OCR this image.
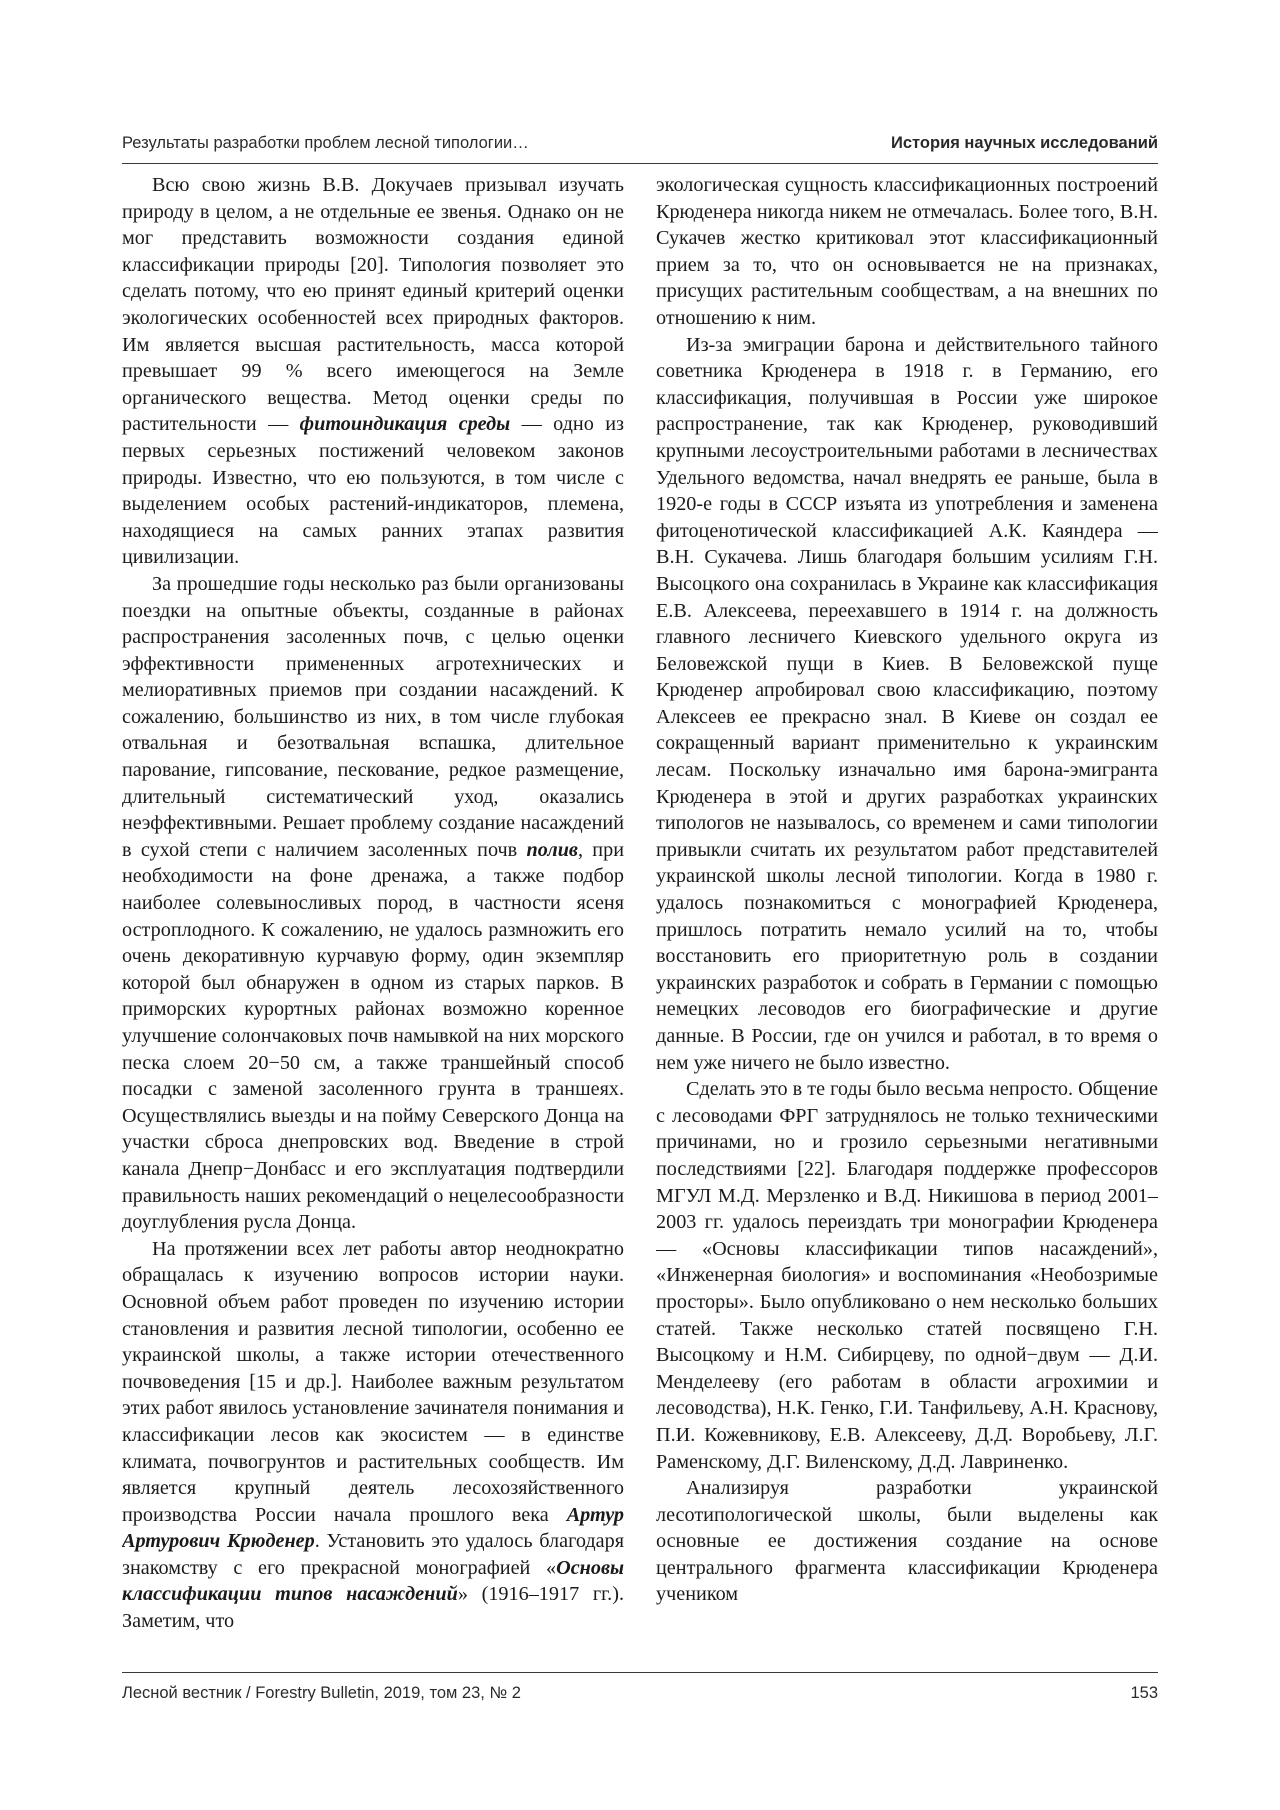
Результаты разработки проблем лесной типологии…	История научных исследований

Всю свою жизнь В.В. Докучаев призывал изучать природу в целом, а не отдельные ее звенья. Однако он не мог представить возможности создания единой классификации природы [20]. Типология позволяет это сделать потому, что ею принят единый критерий оценки экологических особенностей всех природных факторов. Им является высшая растительность, масса которой превышает 99 % всего имеющегося на Земле органического вещества. Метод оценки среды по растительности — фитоиндикация среды — одно из первых серьезных постижений человеком законов природы. Известно, что ею пользуются, в том числе с выделением особых растений-индикаторов, племена, находящиеся на самых ранних этапах развития цивилизации.

За прошедшие годы несколько раз были организованы поездки на опытные объекты, созданные в районах распространения засоленных почв, с целью оценки эффективности примененных агротехнических и мелиоративных приемов при создании насаждений. К сожалению, большинство из них, в том числе глубокая отвальная и безотвальная вспашка, длительное парование, гипсование, пескование, редкое размещение, длительный систематический уход, оказались неэффективными. Решает проблему создание насаждений в сухой степи с наличием засоленных почв полив, при необходимости на фоне дренажа, а также подбор наиболее солевыносливых пород, в частности ясеня остроплодного. К сожалению, не удалось размножить его очень декоративную курчавую форму, один экземпляр которой был обнаружен в одном из старых парков. В приморских курортных районах возможно коренное улучшение солончаковых почв намывкой на них морского песка слоем 20−50 см, а также траншейный способ посадки с заменой засоленного грунта в траншеях. Осуществлялись выезды и на пойму Северского Донца на участки сброса днепровских вод. Введение в строй канала Днепр−Донбасс и его эксплуатация подтвердили правильность наших рекомендаций о нецелесообразности доуглубления русла Донца.

На протяжении всех лет работы автор неоднократно обращалась к изучению вопросов истории науки. Основной объем работ проведен по изучению истории становления и развития лесной типологии, особенно ее украинской школы, а также истории отечественного почвоведения [15 и др.]. Наиболее важным результатом этих работ явилось установление зачинателя понимания и классификации лесов как экосистем — в единстве климата, почвогрунтов и растительных сообществ. Им является крупный деятель лесохозяйственного производства России начала прошлого века Артур Артурович Крюденер. Установить это удалось благодаря знакомству с его прекрасной монографией «Основы классификации типов насаждений» (1916–1917 гг.). Заметим, что

экологическая сущность классификационных построений Крюденера никогда никем не отмечалась. Более того, В.Н. Сукачев жестко критиковал этот классификационный прием за то, что он основывается не на признаках, присущих растительным сообществам, а на внешних по отношению к ним.

Из-за эмиграции барона и действительного тайного советника Крюденера в 1918 г. в Германию, его классификация, получившая в России уже широкое распространение, так как Крюденер, руководивший крупными лесоустроительными работами в лесничествах Удельного ведомства, начал внедрять ее раньше, была в 1920-е годы в СССР изъята из употребления и заменена фитоценотической классификацией А.К. Каяндера — В.Н. Сукачева. Лишь благодаря большим усилиям Г.Н. Высоцкого она сохранилась в Украине как классификация Е.В. Алексеева, переехавшего в 1914 г. на должность главного лесничего Киевского удельного округа из Беловежской пущи в Киев. В Беловежской пуще Крюденер апробировал свою классификацию, поэтому Алексеев ее прекрасно знал. В Киеве он создал ее сокращенный вариант применительно к украинским лесам. Поскольку изначально имя барона-эмигранта Крюденера в этой и других разработках украинских типологов не называлось, со временем и сами типологии привыкли считать их результатом работ представителей украинской школы лесной типологии. Когда в 1980 г. удалось познакомиться с монографией Крюденера, пришлось потратить немало усилий на то, чтобы восстановить его приоритетную роль в создании украинских разработок и собрать в Германии с помощью немецких лесоводов его биографические и другие данные. В России, где он учился и работал, в то время о нем уже ничего не было известно.

Сделать это в те годы было весьма непросто. Общение с лесоводами ФРГ затруднялось не только техническими причинами, но и грозило серьезными негативными последствиями [22]. Благодаря поддержке профессоров МГУЛ М.Д. Мерзленко и В.Д. Никишова в период 2001–2003 гг. удалось переиздать три монографии Крюденера — «Основы классификации типов насаждений», «Инженерная биология» и воспоминания «Необозримые просторы». Было опубликовано о нем несколько больших статей. Также несколько статей посвящено Г.Н. Высоцкому и Н.М. Сибирцеву, по одной−двум — Д.И. Менделееву (его работам в области агрохимии и лесоводства), Н.К. Генко, Г.И. Танфильеву, А.Н. Краснову, П.И. Кожевникову, Е.В. Алексееву, Д.Д. Воробьеву, Л.Г. Раменскому, Д.Г. Виленскому, Д.Д. Лавриненко.

Анализируя разработки украинской лесотипологической школы, были выделены как основные ее достижения создание на основе центрального фрагмента классификации Крюденера учеником

Лесной вестник / Forestry Bulletin, 2019, том 23, № 2	153
